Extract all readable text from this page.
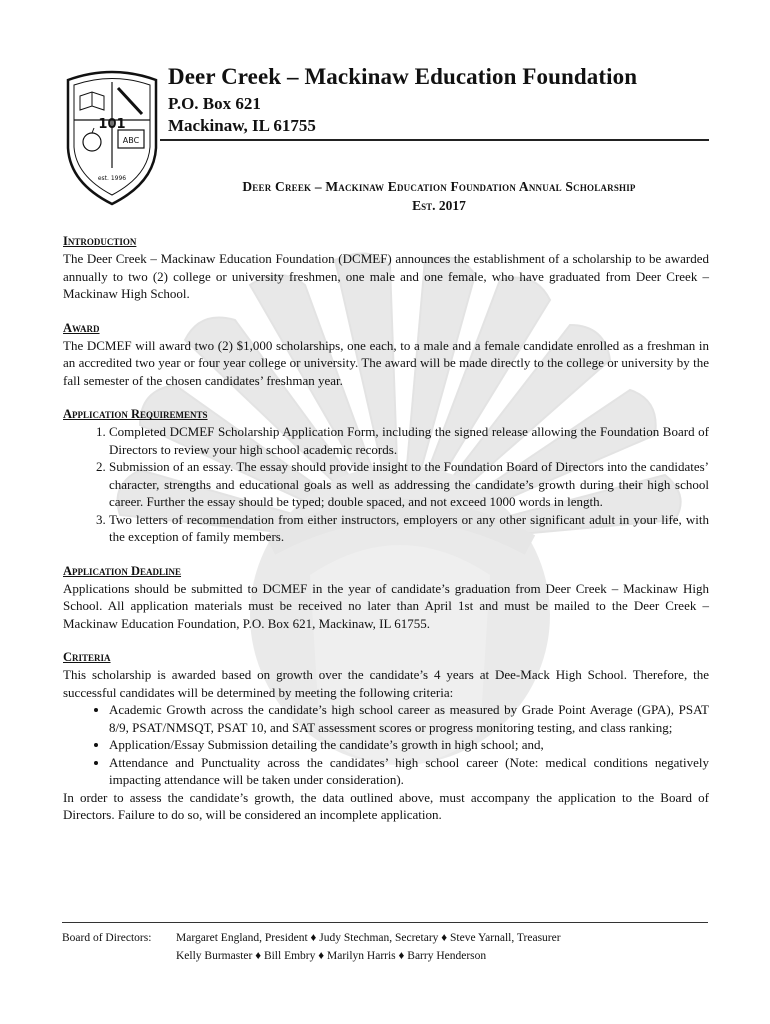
101
ABC
est. 1996
Deer Creek – Mackinaw Education Foundation
P.O. Box 621
Mackinaw, IL 61755
Deer Creek – Mackinaw Education Foundation Annual Scholarship
Est. 2017
Introduction

The Deer Creek – Mackinaw Education Foundation (DCMEF) announces the establishment of a scholarship to be awarded annually to two (2) college or university freshmen, one male and one female, who have graduated from Deer Creek – Mackinaw High School.

Award

The DCMEF will award two (2) $1,000 scholarships, one each, to a male and a female candidate enrolled as a freshman in an accredited two year or four year college or university. The award will be made directly to the college or university by the fall semester of the chosen candidates’ freshman year.

Application Requirements
1. Completed DCMEF Scholarship Application Form, including the signed release allowing the Foundation Board of Directors to review your high school academic records.
2. Submission of an essay. The essay should provide insight to the Foundation Board of Directors into the candidates’ character, strengths and educational goals as well as addressing the candidate’s growth during their high school career. Further the essay should be typed; double spaced, and not exceed 1000 words in length.
3. Two letters of recommendation from either instructors, employers or any other significant adult in your life, with the exception of family members.
Application Deadline

Applications should be submitted to DCMEF in the year of candidate’s graduation from Deer Creek – Mackinaw High School. All application materials must be received no later than April 1st and must be mailed to the Deer Creek – Mackinaw Education Foundation, P.O. Box 621, Mackinaw, IL 61755.

Criteria

This scholarship is awarded based on growth over the candidate’s 4 years at Dee-Mack High School. Therefore, the successful candidates will be determined by meeting the following criteria:

• Academic Growth across the candidate’s high school career as measured by Grade Point Average (GPA), PSAT 8/9, PSAT/NMSQT, PSAT 10, and SAT assessment scores or progress monitoring testing, and class ranking;
• Application/Essay Submission detailing the candidate’s growth in high school; and,
• Attendance and Punctuality across the candidates’ high school career (Note: medical conditions negatively impacting attendance will be taken under consideration).

In order to assess the candidate’s growth, the data outlined above, must accompany the application to the Board of Directors. Failure to do so, will be considered an incomplete application.

Board of Directors: Margaret England, President ♦ Judy Stechman, Secretary ♦ Steve Yarnall, Treasurer
Kelly Burmaster ♦ Bill Embry ♦ Marilyn Harris ♦ Barry Henderson
